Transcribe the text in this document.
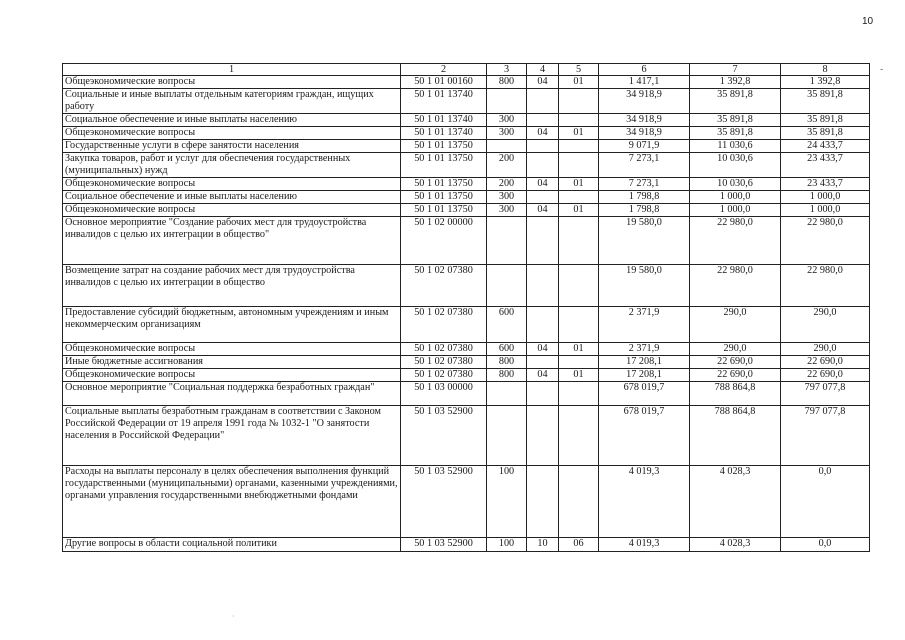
10
1	2	3	4	5	6	7	8
Общеэкономические вопросы	50 1 01 00160	800	04	01	1 417,1	1 392,8	1 392,8
Социальные и иные выплаты отдельным категориям граждан, ищущих работу	50 1 01 13740				34 918,9	35 891,8	35 891,8
Социальное обеспечение и иные выплаты населению	50 1 01 13740	300			34 918,9	35 891,8	35 891,8
Общеэкономические вопросы	50 1 01 13740	300	04	01	34 918,9	35 891,8	35 891,8
Государственные услуги в сфере занятости населения	50 1 01 13750				9 071,9	11 030,6	24 433,7
Закупка товаров, работ и услуг для обеспечения государственных (муниципальных) нужд	50 1 01 13750	200			7 273,1	10 030,6	23 433,7
Общеэкономические вопросы	50 1 01 13750	200	04	01	7 273,1	10 030,6	23 433,7
Социальное обеспечение и иные выплаты населению	50 1 01 13750	300			1 798,8	1 000,0	1 000,0
Общеэкономические вопросы	50 1 01 13750	300	04	01	1 798,8	1 000,0	1 000,0
Основное мероприятие "Создание рабочих мест для трудоустройства инвалидов с целью их интеграции в общество"	50 1 02 00000				19 580,0	22 980,0	22 980,0
Возмещение затрат на создание рабочих мест для трудоустройства инвалидов с целью их интеграции в общество	50 1 02 07380				19 580,0	22 980,0	22 980,0
Предоставление субсидий бюджетным, автономным учреждениям и иным некоммерческим организациям	50 1 02 07380	600			2 371,9	290,0	290,0
Общеэкономические вопросы	50 1 02 07380	600	04	01	2 371,9	290,0	290,0
Иные бюджетные ассигнования	50 1 02 07380	800			17 208,1	22 690,0	22 690,0
Общеэкономические вопросы	50 1 02 07380	800	04	01	17 208,1	22 690,0	22 690,0
Основное мероприятие "Социальная поддержка безработных граждан"	50 1 03 00000				678 019,7	788 864,8	797 077,8
Социальные выплаты безработным гражданам в соответствии с Законом Российской Федерации от 19 апреля 1991 года № 1032-1 "О занятости населения в Российской Федерации"	50 1 03 52900				678 019,7	788 864,8	797 077,8
Расходы на выплаты персоналу в целях обеспечения выполнения функций государственными (муниципальными) органами, казенными учреждениями, органами управления государственными внебюджетными фондами	50 1 03 52900	100			4 019,3	4 028,3	0,0
Другие вопросы в области социальной политики	50 1 03 52900	100	10	06	4 019,3	4 028,3	0,0
-
·
